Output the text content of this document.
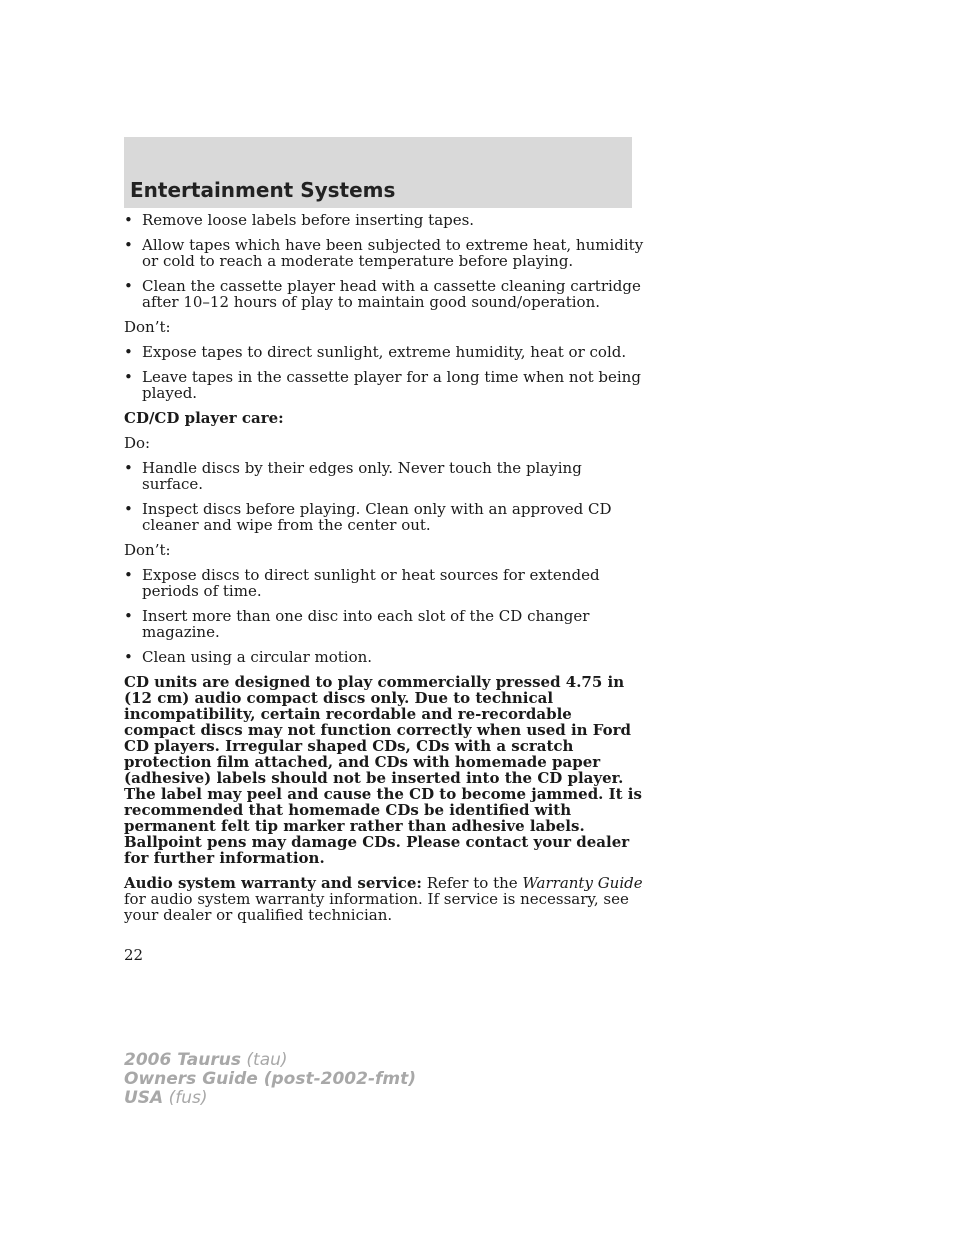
Entertainment Systems
• Remove loose labels before inserting tapes.
• Allow tapes which have been subjected to extreme heat, humidity or cold to reach a moderate temperature before playing.
• Clean the cassette player head with a cassette cleaning cartridge after 10–12 hours of play to maintain good sound/operation.
Don’t:
• Expose tapes to direct sunlight, extreme humidity, heat or cold.
• Leave tapes in the cassette player for a long time when not being played.
CD/CD player care:
Do:
• Handle discs by their edges only. Never touch the playing surface.
• Inspect discs before playing. Clean only with an approved CD cleaner and wipe from the center out.
Don’t:
• Expose discs to direct sunlight or heat sources for extended periods of time.
• Insert more than one disc into each slot of the CD changer magazine.
• Clean using a circular motion.
CD units are designed to play commercially pressed 4.75 in (12 cm) audio compact discs only. Due to technical incompatibility, certain recordable and re-recordable compact discs may not function correctly when used in Ford CD players. Irregular shaped CDs, CDs with a scratch protection film attached, and CDs with homemade paper (adhesive) labels should not be inserted into the CD player. The label may peel and cause the CD to become jammed. It is recommended that homemade CDs be identified with permanent felt tip marker rather than adhesive labels. Ballpoint pens may damage CDs. Please contact your dealer for further information.
Audio system warranty and service: Refer to the Warranty Guide for audio system warranty information. If service is necessary, see your dealer or qualified technician.
22
2006 Taurus (tau)
Owners Guide (post-2002-fmt)
USA (fus)
